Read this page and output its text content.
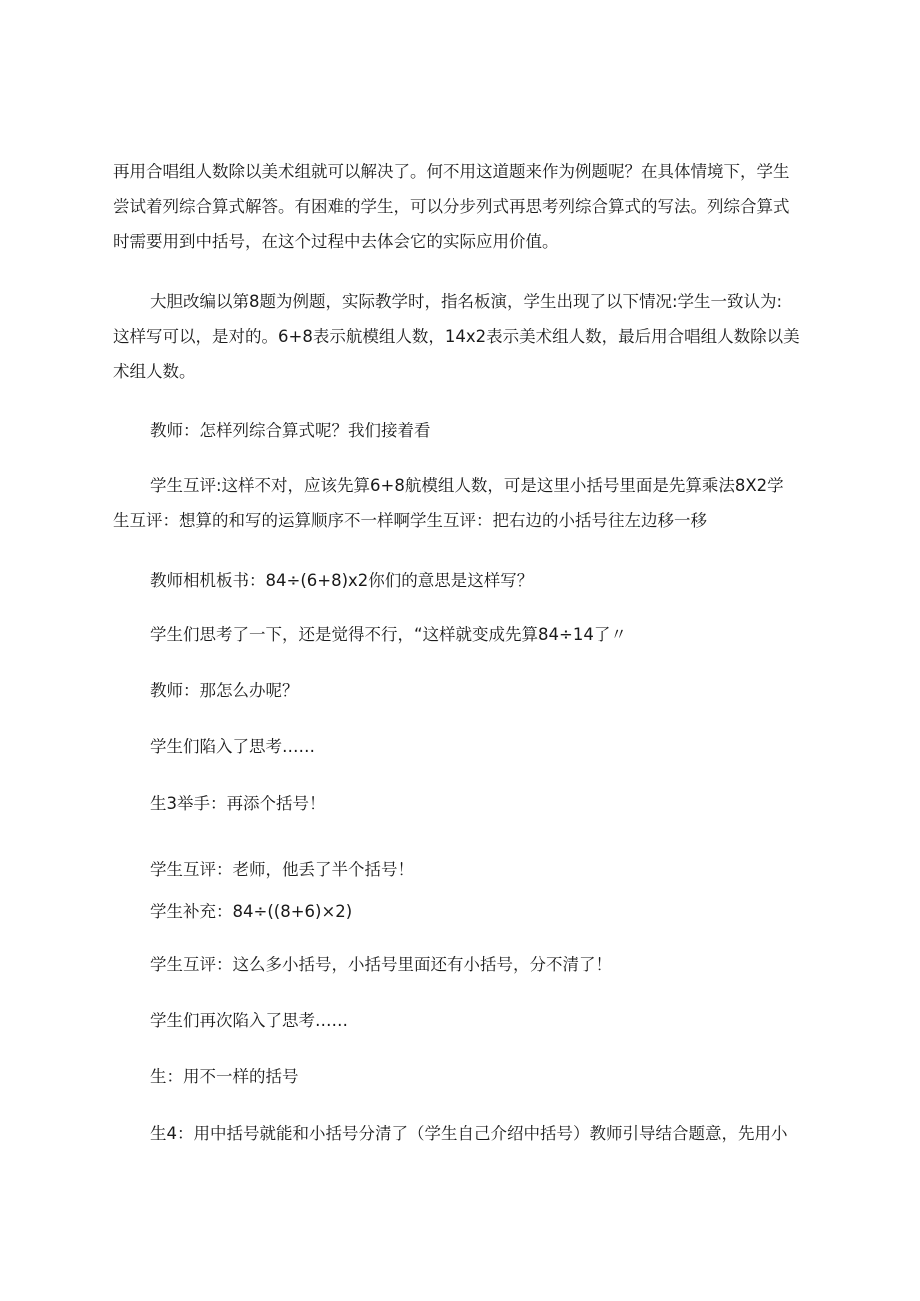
再用合唱组人数除以美术组就可以解决了。何不用这道题来作为例题呢？在具体情境下，学生
尝试着列综合算式解答。有困难的学生，可以分步列式再思考列综合算式的写法。列综合算式
时需要用到中括号，在这个过程中去体会它的实际应用价值。
大胆改编以第8题为例题，实际教学时，指名板演，学生出现了以下情况:学生一致认为:
这样写可以，是对的。6+8表示航模组人数，14x2表示美术组人数，最后用合唱组人数除以美
术组人数。

教师：怎样列综合算式呢？我们接着看

学生互评:这样不对，应该先算6+8航模组人数，可是这里小括号里面是先算乘法8X2学
生互评：想算的和写的运算顺序不一样啊学生互评：把右边的小括号往左边移一移

教师相机板书：84÷(6+8)x2你们的意思是这样写？

学生们思考了一下，还是觉得不行，“这样就变成先算84÷14了〃

教师：那怎么办呢？

学生们陷入了思考……

生3举手：再添个括号！

学生互评：老师，他丢了半个括号！

学生补充：84÷((8+6)×2)

学生互评：这么多小括号，小括号里面还有小括号，分不清了！

学生们再次陷入了思考……

生：用不一样的括号

生4：用中括号就能和小括号分清了（学生自己介绍中括号）教师引导结合题意，先用小
